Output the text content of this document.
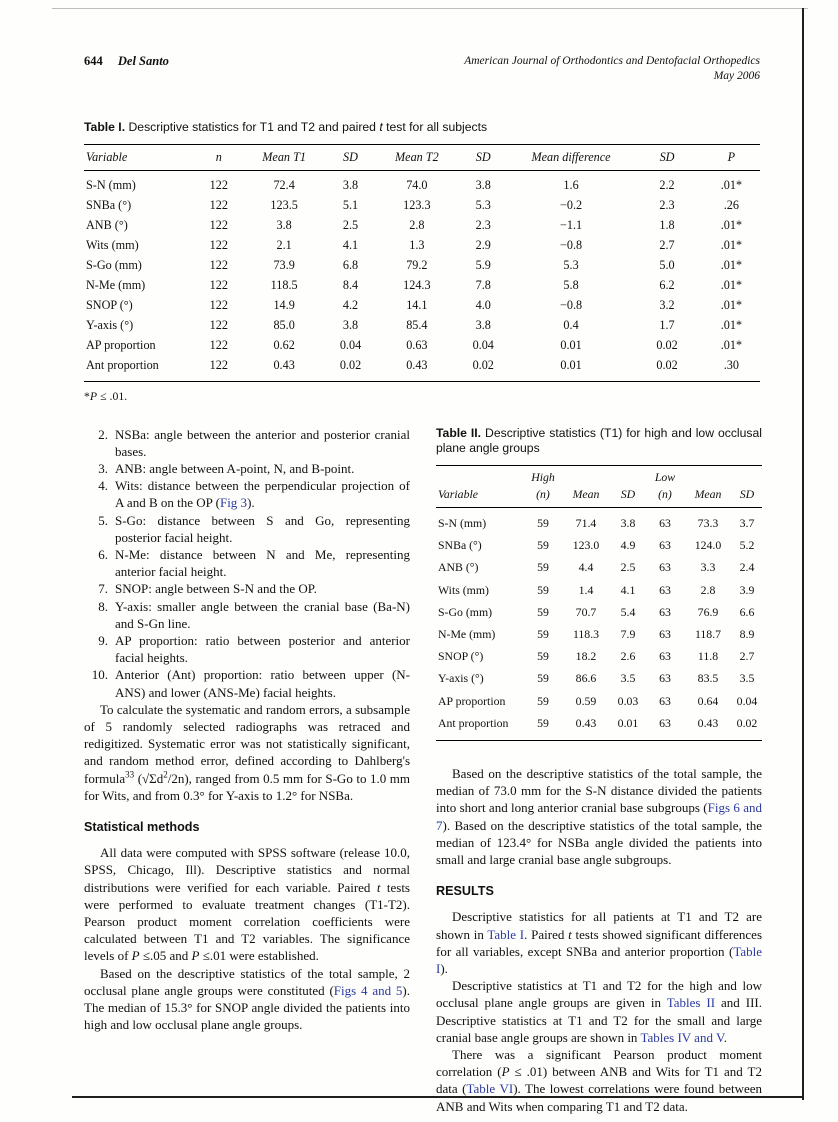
644 Del Santo	American Journal of Orthodontics and Dentofacial Orthopedics
May 2006

Table I. Descriptive statistics for T1 and T2 and paired t test for all subjects

Variable	n	Mean T1	SD	Mean T2	SD	Mean difference	SD	P
S-N (mm)	122	72.4	3.8	74.0	3.8	1.6	2.2	.01*
SNBa (°)	122	123.5	5.1	123.3	5.3	−0.2	2.3	.26
ANB (°)	122	3.8	2.5	2.8	2.3	−1.1	1.8	.01*
Wits (mm)	122	2.1	4.1	1.3	2.9	−0.8	2.7	.01*
S-Go (mm)	122	73.9	6.8	79.2	5.9	5.3	5.0	.01*
N-Me (mm)	122	118.5	8.4	124.3	7.8	5.8	6.2	.01*
SNOP (°)	122	14.9	4.2	14.1	4.0	−0.8	3.2	.01*
Y-axis (°)	122	85.0	3.8	85.4	3.8	0.4	1.7	.01*
AP proportion	122	0.62	0.04	0.63	0.04	0.01	0.02	.01*
Ant proportion	122	0.43	0.02	0.43	0.02	0.01	0.02	.30

*P ≤ .01.

2. NSBa: angle between the anterior and posterior cranial bases.
3. ANB: angle between A-point, N, and B-point.
4. Wits: distance between the perpendicular projection of A and B on the OP (Fig 3).
5. S-Go: distance between S and Go, representing posterior facial height.
6. N-Me: distance between N and Me, representing anterior facial height.
7. SNOP: angle between S-N and the OP.
8. Y-axis: smaller angle between the cranial base (Ba-N) and S-Gn line.
9. AP proportion: ratio between posterior and anterior facial heights.
10. Anterior (Ant) proportion: ratio between upper (N-ANS) and lower (ANS-Me) facial heights.

To calculate the systematic and random errors, a subsample of 5 randomly selected radiographs was retraced and redigitized. Systematic error was not statistically significant, and random method error, defined according to Dahlberg's formula$^{33}$ $(√\Sigma d^2/2n)$, ranged from 0.5 mm for S-Go to 1.0 mm for Wits, and from 0.3° for Y-axis to 1.2° for NSBa.

Statistical methods

All data were computed with SPSS software (release 10.0, SPSS, Chicago, Ill). Descriptive statistics and normal distributions were verified for each variable. Paired t tests were performed to evaluate treatment changes (T1-T2). Pearson product moment correlation coefficients were calculated between T1 and T2 variables. The significance levels of P ≤.05 and P ≤.01 were established.

Based on the descriptive statistics of the total sample, 2 occlusal plane angle groups were constituted (Figs 4 and 5). The median of 15.3° for SNOP angle divided the patients into high and low occlusal plane angle groups.

Table II. Descriptive statistics (T1) for high and low occlusal plane angle groups

	High			Low		
Variable	(n)	Mean	SD	(n)	Mean	SD
S-N (mm)	59	71.4	3.8	63	73.3	3.7
SNBa (°)	59	123.0	4.9	63	124.0	5.2
ANB (°)	59	4.4	2.5	63	3.3	2.4
Wits (mm)	59	1.4	4.1	63	2.8	3.9
S-Go (mm)	59	70.7	5.4	63	76.9	6.6
N-Me (mm)	59	118.3	7.9	63	118.7	8.9
SNOP (°)	59	18.2	2.6	63	11.8	2.7
Y-axis (°)	59	86.6	3.5	63	83.5	3.5
AP proportion	59	0.59	0.03	63	0.64	0.04
Ant proportion	59	0.43	0.01	63	0.43	0.02

Based on the descriptive statistics of the total sample, the median of 73.0 mm for the S-N distance divided the patients into short and long anterior cranial base subgroups (Figs 6 and 7). Based on the descriptive statistics of the total sample, the median of 123.4° for NSBa angle divided the patients into small and large cranial base angle subgroups.

RESULTS

Descriptive statistics for all patients at T1 and T2 are shown in Table I. Paired t tests showed significant differences for all variables, except SNBa and anterior proportion (Table I).

Descriptive statistics at T1 and T2 for the high and low occlusal plane angle groups are given in Tables II and III. Descriptive statistics at T1 and T2 for the small and large cranial base angle groups are shown in Tables IV and V.

There was a significant Pearson product moment correlation (P ≤ .01) between ANB and Wits for T1 and T2 data (Table VI). The lowest correlations were found between ANB and Wits when comparing T1 and T2 data.
